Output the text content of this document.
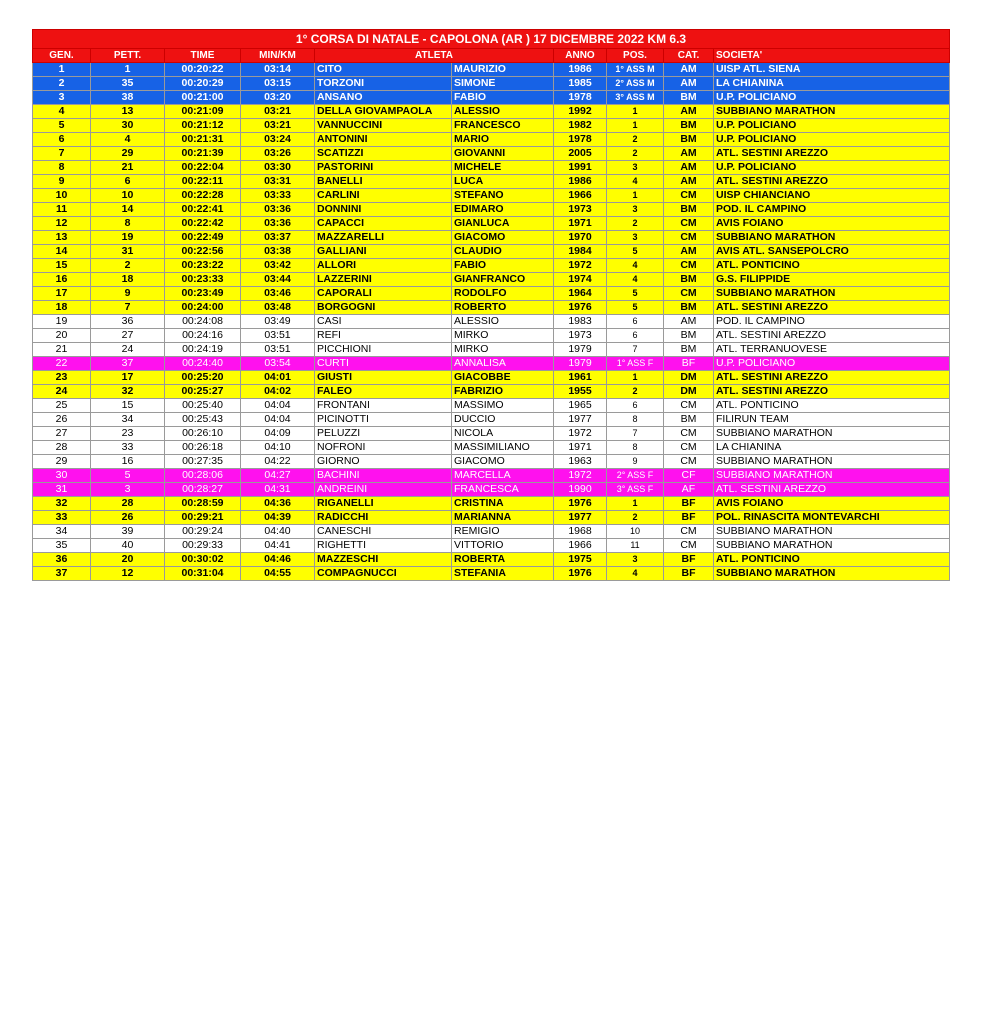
1° CORSA DI NATALE - CAPOLONA (AR ) 17 DICEMBRE 2022 KM 6.3									
GEN.	PETT.	TIME	MIN/KM	ATLETA		ANNO	POS.	CAT.	SOCIETA'
1	1	00:20:22	03:14	CITO	MAURIZIO	1986	1° ASS M	AM	UISP ATL. SIENA
2	35	00:20:29	03:15	TORZONI	SIMONE	1985	2° ASS M	AM	LA CHIANINA
3	38	00:21:00	03:20	ANSANO	FABIO	1978	3° ASS M	BM	U.P. POLICIANO
4	13	00:21:09	03:21	DELLA GIOVAMPAOLA	ALESSIO	1992	1	AM	SUBBIANO MARATHON
5	30	00:21:12	03:21	VANNUCCINI	FRANCESCO	1982	1	BM	U.P. POLICIANO
6	4	00:21:31	03:24	ANTONINI	MARIO	1978	2	BM	U.P. POLICIANO
7	29	00:21:39	03:26	SCATIZZI	GIOVANNI	2005	2	AM	ATL. SESTINI AREZZO
8	21	00:22:04	03:30	PASTORINI	MICHELE	1991	3	AM	U.P. POLICIANO
9	6	00:22:11	03:31	BANELLI	LUCA	1986	4	AM	ATL. SESTINI AREZZO
10	10	00:22:28	03:33	CARLINI	STEFANO	1966	1	CM	UISP CHIANCIANO
11	14	00:22:41	03:36	DONNINI	EDIMARO	1973	3	BM	POD. IL CAMPINO
12	8	00:22:42	03:36	CAPACCI	GIANLUCA	1971	2	CM	AVIS FOIANO
13	19	00:22:49	03:37	MAZZARELLI	GIACOMO	1970	3	CM	SUBBIANO MARATHON
14	31	00:22:56	03:38	GALLIANI	CLAUDIO	1984	5	AM	AVIS ATL. SANSEPOLCRO
15	2	00:23:22	03:42	ALLORI	FABIO	1972	4	CM	ATL. PONTICINO
16	18	00:23:33	03:44	LAZZERINI	GIANFRANCO	1974	4	BM	G.S. FILIPPIDE
17	9	00:23:49	03:46	CAPORALI	RODOLFO	1964	5	CM	SUBBIANO MARATHON
18	7	00:24:00	03:48	BORGOGNI	ROBERTO	1976	5	BM	ATL. SESTINI AREZZO
19	36	00:24:08	03:49	CASI	ALESSIO	1983	6	AM	POD. IL CAMPINO
20	27	00:24:16	03:51	REFI	MIRKO	1973	6	BM	ATL. SESTINI AREZZO
21	24	00:24:19	03:51	PICCHIONI	MIRKO	1979	7	BM	ATL. TERRANUOVESE
22	37	00:24:40	03:54	CURTI	ANNALISA	1979	1° ASS F	BF	U.P. POLICIANO
23	17	00:25:20	04:01	GIUSTI	GIACOBBE	1961	1	DM	ATL. SESTINI AREZZO
24	32	00:25:27	04:02	FALEO	FABRIZIO	1955	2	DM	ATL. SESTINI AREZZO
25	15	00:25:40	04:04	FRONTANI	MASSIMO	1965	6	CM	ATL. PONTICINO
26	34	00:25:43	04:04	PICINOTTI	DUCCIO	1977	8	BM	FILIRUN TEAM
27	23	00:26:10	04:09	PELUZZI	NICOLA	1972	7	CM	SUBBIANO MARATHON
28	33	00:26:18	04:10	NOFRONI	MASSIMILIANO	1971	8	CM	LA CHIANINA
29	16	00:27:35	04:22	GIORNO	GIACOMO	1963	9	CM	SUBBIANO MARATHON
30	5	00:28:06	04:27	BACHINI	MARCELLA	1972	2° ASS F	CF	SUBBIANO MARATHON
31	3	00:28:27	04:31	ANDREINI	FRANCESCA	1990	3° ASS F	AF	ATL. SESTINI AREZZO
32	28	00:28:59	04:36	RIGANELLI	CRISTINA	1976	1	BF	AVIS FOIANO
33	26	00:29:21	04:39	RADICCHI	MARIANNA	1977	2	BF	POL. RINASCITA MONTEVARCHI
34	39	00:29:24	04:40	CANESCHI	REMIGIO	1968	10	CM	SUBBIANO MARATHON
35	40	00:29:33	04:41	RIGHETTI	VITTORIO	1966	11	CM	SUBBIANO MARATHON
36	20	00:30:02	04:46	MAZZESCHI	ROBERTA	1975	3	BF	ATL. PONTICINO
37	12	00:31:04	04:55	COMPAGNUCCI	STEFANIA	1976	4	BF	SUBBIANO MARATHON
